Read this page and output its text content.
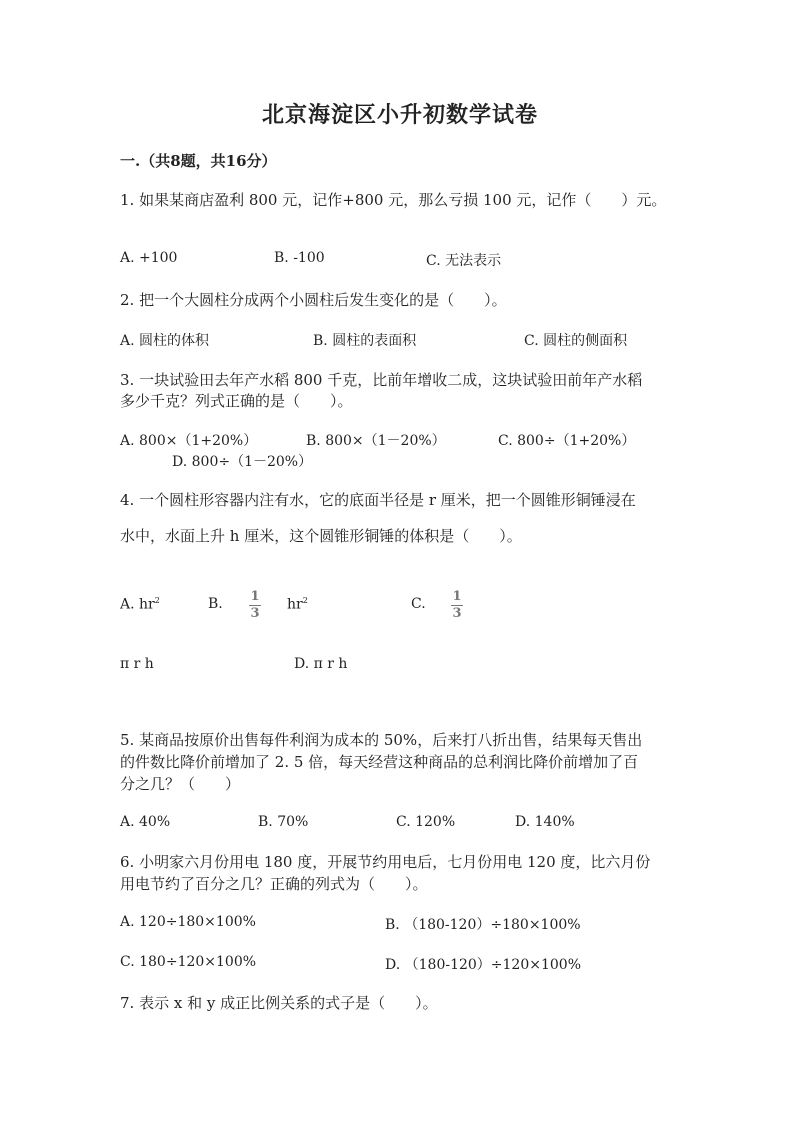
北京海淀区小升初数学试卷
一.（共8题，共16分）
1. 如果某商店盈利 800 元，记作+800 元，那么亏损 100 元，记作（　　）元。
A. +100	B. -100	C. 无法表示
2. 把一个大圆柱分成两个小圆柱后发生变化的是（　　）。
A. 圆柱的体积	B. 圆柱的表面积	C. 圆柱的侧面积
3. 一块试验田去年产水稻 800 千克，比前年增收二成，这块试验田前年产水稻
多少千克？列式正确的是（　　）。
A. 800×（1+20%）	B. 800×（1－20%）	C. 800÷（1+20%）
D. 800÷（1－20%）
4. 一个圆柱形容器内注有水，它的底面半径是 r 厘米，把一个圆锥形铜锤浸在
水中，水面上升 h 厘米，这个圆锥形铜锤的体积是（　　）。
A. $hr^2$	B. 1
3
$hr^2$	C. 1
3
π r h	D. π r h
5. 某商品按原价出售每件利润为成本的 50%，后来打八折出售，结果每天售出
的件数比降价前增加了 2. 5 倍，每天经营这种商品的总利润比降价前增加了百
分之几？（　　）
A. 40%	B. 70%	C. 120%	D. 140%
6. 小明家六月份用电 180 度，开展节约用电后，七月份用电 120 度，比六月份
用电节约了百分之几？正确的列式为（　　）。
A. 120÷180×100%	B. （180-120）÷180×100%
C. 180÷120×100%	D. （180-120）÷120×100%
7. 表示 x 和 y 成正比例关系的式子是（　　）。
